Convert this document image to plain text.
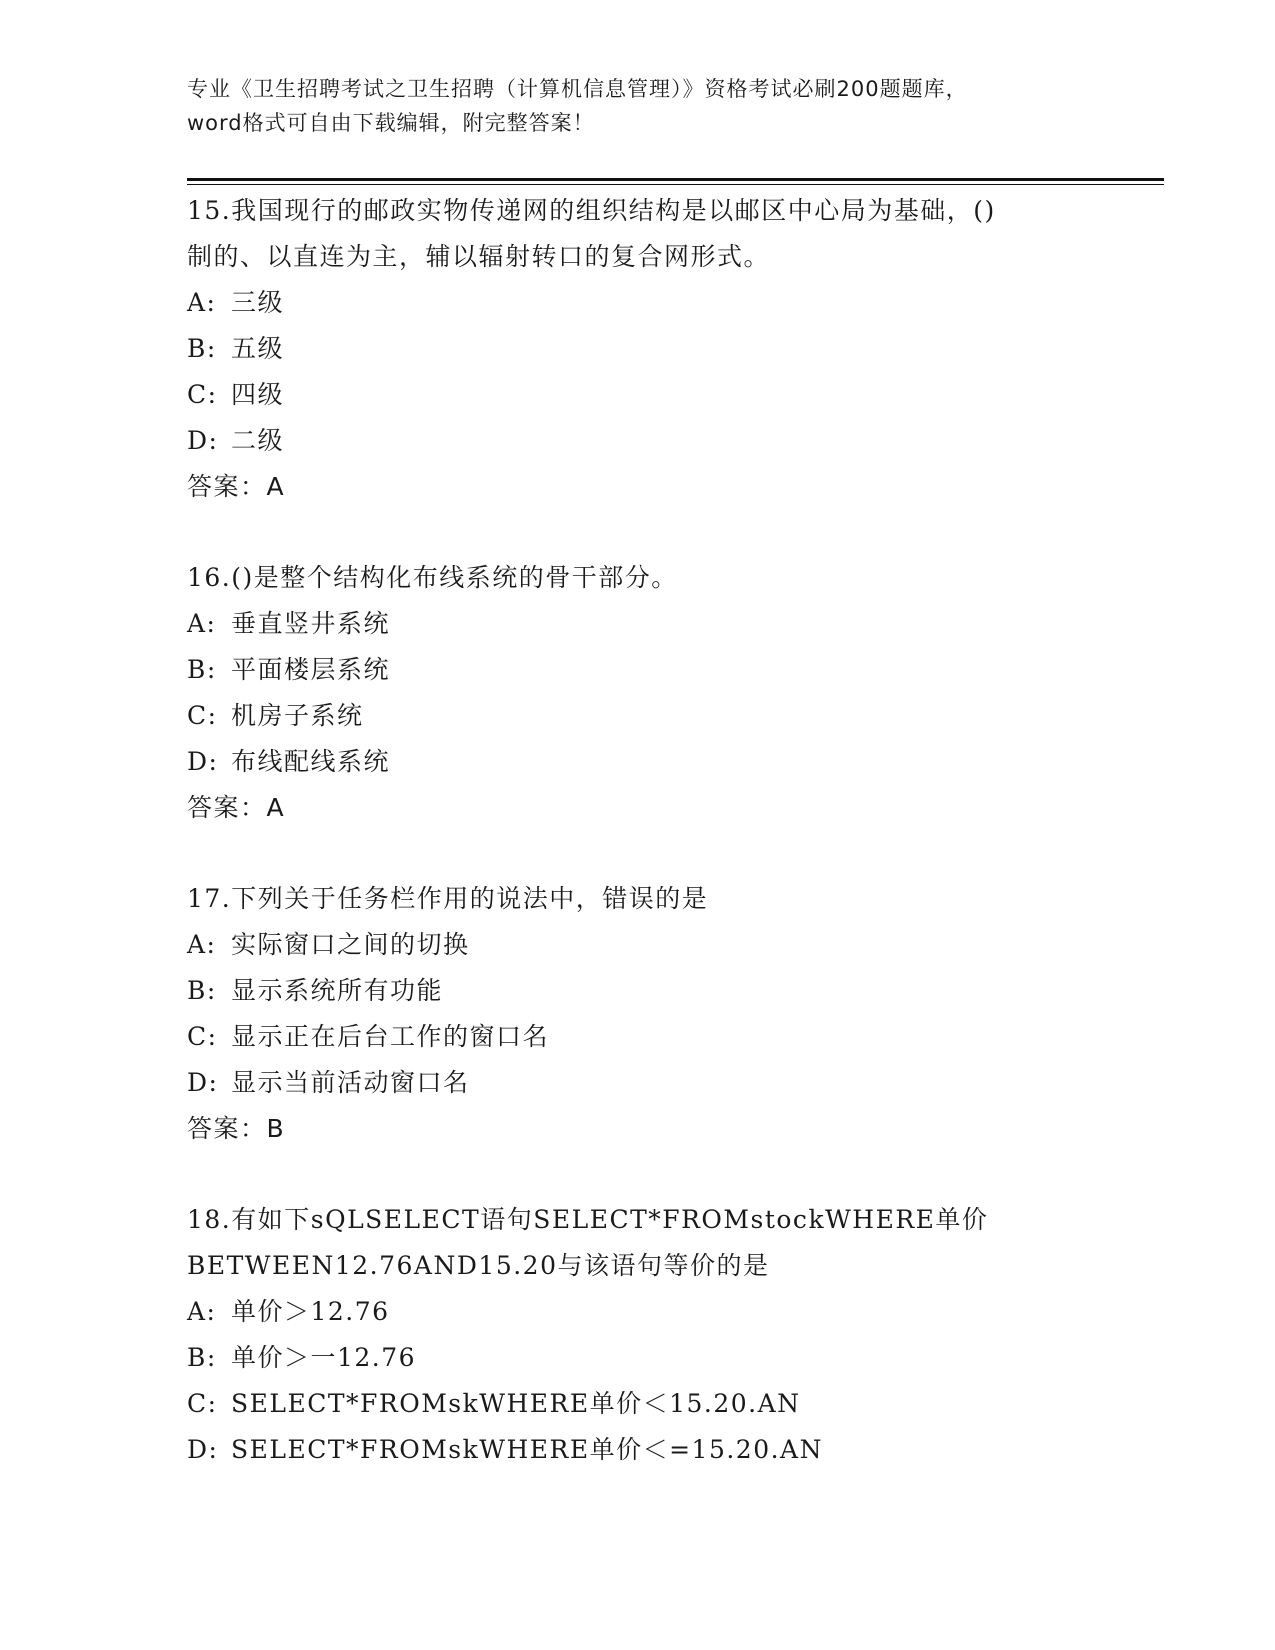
专业《卫生招聘考试之卫生招聘（计算机信息管理）》资格考试必刷200题题库，
word格式可自由下载编辑，附完整答案！
15.我国现行的邮政实物传递网的组织结构是以邮区中心局为基础，()
制的、以直连为主，辅以辐射转口的复合网形式。
A: 三级
B: 五级
C: 四级
D: 二级
答案：A
16.()是整个结构化布线系统的骨干部分。
A: 垂直竖井系统
B: 平面楼层系统
C: 机房子系统
D: 布线配线系统
答案：A
17.下列关于任务栏作用的说法中，错误的是
A: 实际窗口之间的切换
B: 显示系统所有功能
C: 显示正在后台工作的窗口名
D: 显示当前活动窗口名
答案：B
18.有如下sQLSELECT语句SELECT*FROMstockWHERE单价
BETWEEN12.76AND15.20与该语句等价的是
A: 单价＞12.76
B: 单价＞一12.76
C: SELECT*FROMskWHERE单价＜15.20.AN
D: SELECT*FROMskWHERE单价＜=15.20.AN
